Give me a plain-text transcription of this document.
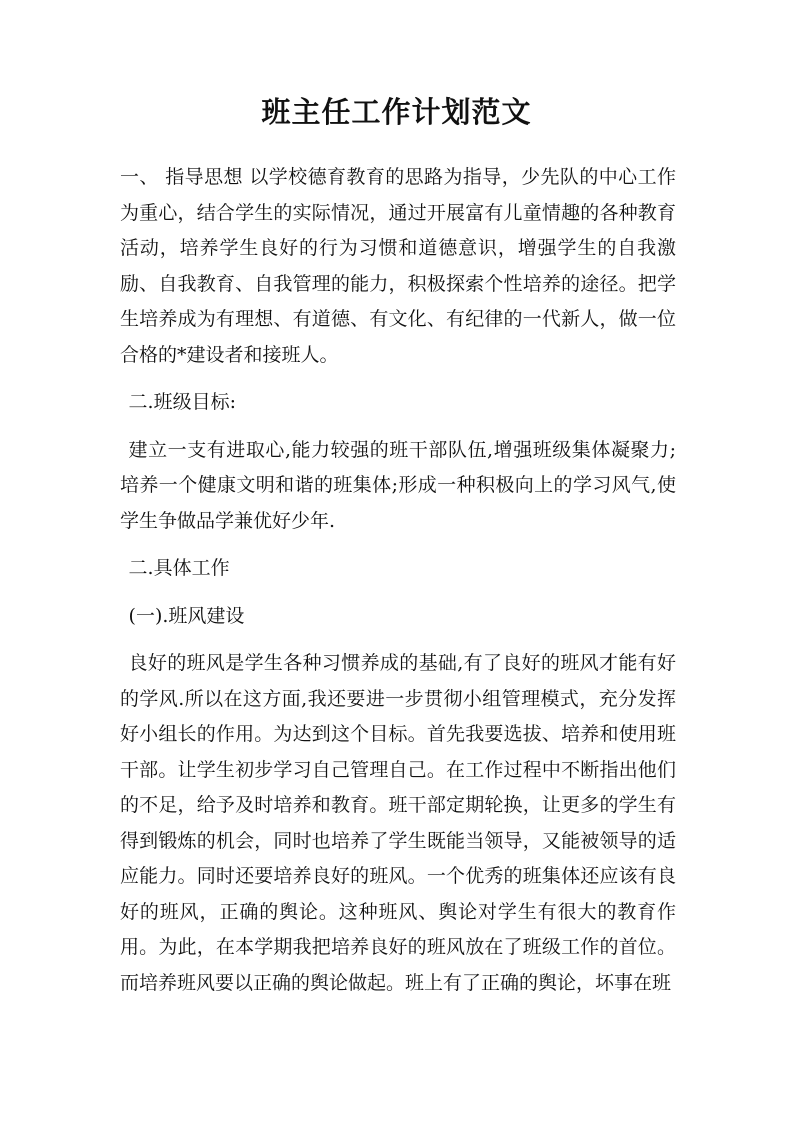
班主任工作计划范文

一、 指导思想 以学校德育教育的思路为指导，少先队的中心工作为重心，结合学生的实际情况，通过开展富有儿童情趣的各种教育活动，培养学生良好的行为习惯和道德意识，增强学生的自我激励、自我教育、自我管理的能力，积极探索个性培养的途径。把学生培养成为有理想、有道德、有文化、有纪律的一代新人，做一位合格的*建设者和接班人。

二.班级目标:

建立一支有进取心,能力较强的班干部队伍,增强班级集体凝聚力;培养一个健康文明和谐的班集体;形成一种积极向上的学习风气,使学生争做品学兼优好少年.

二.具体工作

(一).班风建设

良好的班风是学生各种习惯养成的基础,有了良好的班风才能有好的学风.所以在这方面,我还要进一步贯彻小组管理模式，充分发挥好小组长的作用。为达到这个目标。首先我要选拔、培养和使用班干部。让学生初步学习自己管理自己。在工作过程中不断指出他们的不足，给予及时培养和教育。班干部定期轮换，让更多的学生有得到锻炼的机会，同时也培养了学生既能当领导，又能被领导的适应能力。同时还要培养良好的班风。一个优秀的班集体还应该有良好的班风，正确的舆论。这种班风、舆论对学生有很大的教育作用。为此，在本学期我把培养良好的班风放在了班级工作的首位。而培养班风要以正确的舆论做起。班上有了正确的舆论，坏事在班
